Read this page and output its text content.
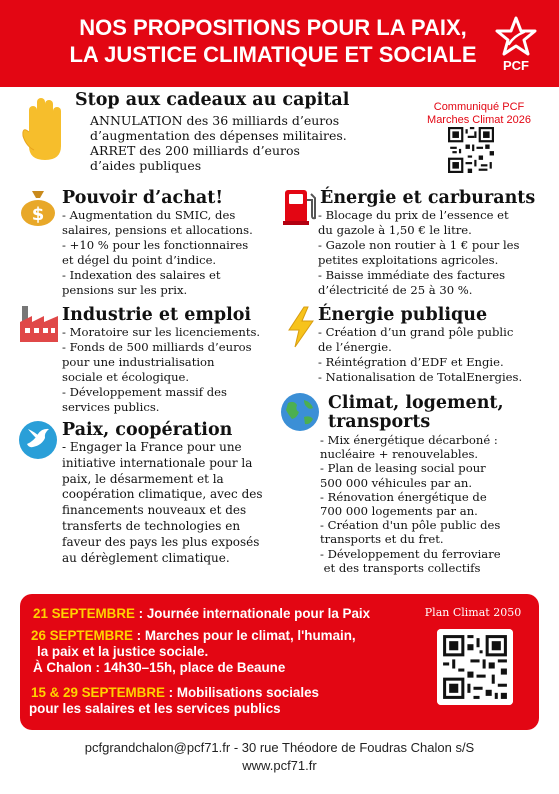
NOS PROPOSITIONS POUR LA PAIX,
LA JUSTICE CLIMATIQUE ET SOCIALE	PCF
Stop aux cadeaux au capital
ANNULATION des 36 milliards d’euros
d’augmentation des dépenses militaires.
ARRET des 200 milliards d’euros
d’aides publiques
Communiqué PCF
Marches Climat 2026
$
Pouvoir d’achat!
- Augmentation du SMIC, des
salaires, pensions et allocations.
- +10 % pour les fonctionnaires
et dégel du point d’indice.
- Indexation des salaires et
pensions sur les prix.
Énergie et carburants
- Blocage du prix de l’essence et
du gazole à 1,50 € le litre.
- Gazole non routier à 1 € pour les
petites exploitations agricoles.
- Baisse immédiate des factures
d’électricité de 25 à 30 %.
Industrie et emploi
- Moratoire sur les licenciements.
- Fonds de 500 milliards d’euros
pour une industrialisation
sociale et écologique.
- Développement massif des
services publics.
Énergie publique
- Création d’un grand pôle public
de l’énergie.
- Réintégration d’EDF et Engie.
- Nationalisation de TotalEnergies.
Paix, coopération
- Engager la France pour une
initiative internationale pour la
paix, le désarmement et la
coopération climatique, avec des
financements nouveaux et des
transferts de technologies en
faveur des pays les plus exposés
au dérèglement climatique.
Climat, logement,
transports
- Mix énergétique décarboné :
nucléaire + renouvelables.
- Plan de leasing social pour
500 000 véhicules par an.
- Rénovation énergétique de
700 000 logements par an.
- Création d'un pôle public des
transports et du fret.
- Développement du ferroviare
et des transports collectifs
21 SEPTEMBRE : Journée internationale pour la Paix
26 SEPTEMBRE : Marches pour le climat, l'humain,
la paix et la justice sociale.
À Chalon : 14h30–15h, place de Beaune
15 & 29 SEPTEMBRE : Mobilisations sociales
pour les salaires et les services publics
Plan Climat 2050
pcfgrandchalon@pcf71.fr - 30 rue Théodore de Foudras Chalon s/S
www.pcf71.fr
